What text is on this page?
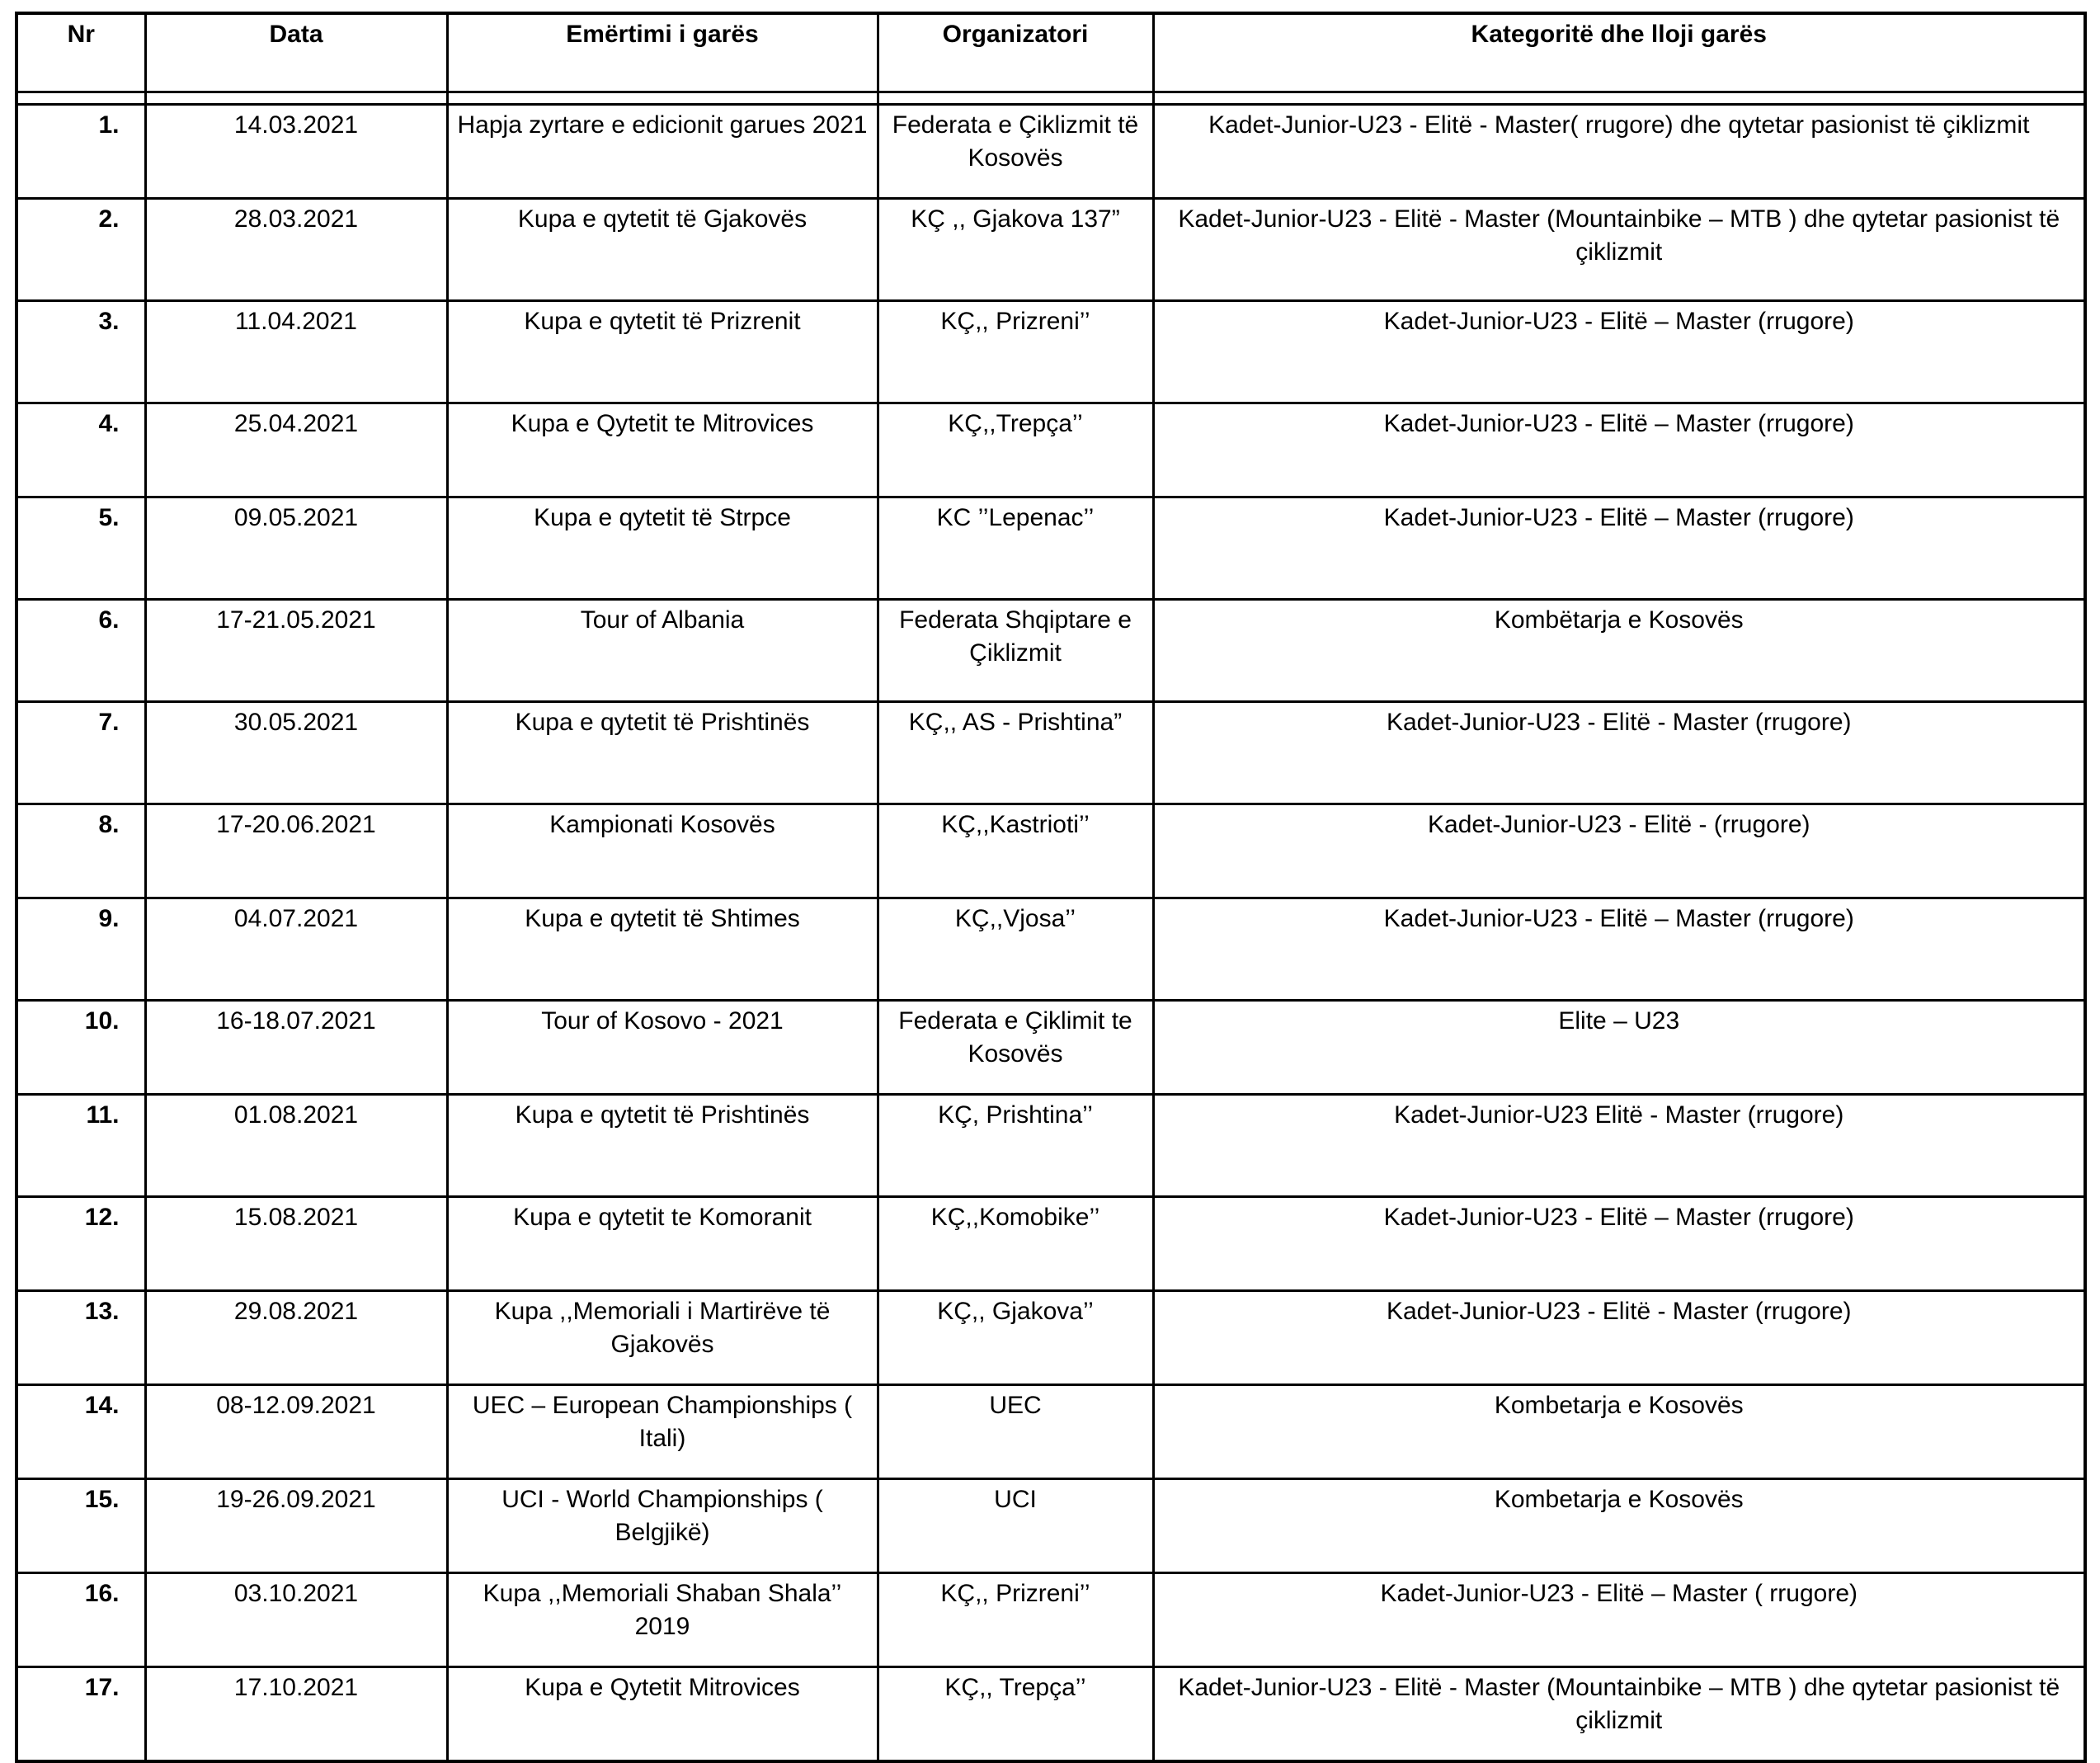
Nr	Data	Emërtimi i garës	Organizatori	Kategoritë dhe lloji garës

1.	14.03.2021	Hapja zyrtare e edicionit garues 2021	Federata e Çiklizmit të Kosovës	Kadet-Junior-U23 - Elitë - Master( rrugore) dhe qytetar pasionist të çiklizmit
2.	28.03.2021	Kupa e qytetit të Gjakovës	KÇ ,, Gjakova 137”	Kadet-Junior-U23 - Elitë - Master (Mountainbike – MTB ) dhe qytetar pasionist të çiklizmit
3.	11.04.2021	Kupa e qytetit të Prizrenit	KÇ,, Prizreni’’	Kadet-Junior-U23 - Elitë – Master (rrugore)
4.	25.04.2021	Kupa e Qytetit te Mitrovices	KÇ,,Trepça’’	Kadet-Junior-U23 - Elitë – Master (rrugore)
5.	09.05.2021	Kupa e qytetit të Strpce	KC ’’Lepenac’’	Kadet-Junior-U23 - Elitë – Master (rrugore)
6.	17-21.05.2021	Tour of Albania	Federata Shqiptare e Çiklizmit	Kombëtarja e Kosovës
7.	30.05.2021	Kupa e qytetit të Prishtinës	KÇ,, AS - Prishtina”	Kadet-Junior-U23 - Elitë - Master (rrugore)
8.	17-20.06.2021	Kampionati Kosovës	KÇ,,Kastrioti’’	Kadet-Junior-U23 - Elitë - (rrugore)
9.	04.07.2021	Kupa e qytetit të Shtimes	KÇ,,Vjosa’’	Kadet-Junior-U23 - Elitë – Master (rrugore)
10.	16-18.07.2021	Tour of Kosovo - 2021	Federata e Çiklimit te Kosovës	Elite – U23
11.	01.08.2021	Kupa e qytetit të Prishtinës	KÇ, Prishtina’’	Kadet-Junior-U23 Elitë - Master (rrugore)
12.	15.08.2021	Kupa e qytetit te Komoranit	KÇ,,Komobike’’	Kadet-Junior-U23 - Elitë – Master (rrugore)
13.	29.08.2021	Kupa ,,Memoriali i Martirëve të Gjakovës	KÇ,, Gjakova’’	Kadet-Junior-U23 - Elitë - Master (rrugore)
14.	08-12.09.2021	UEC – European Championships ( Itali)	UEC	Kombetarja e Kosovës
15.	19-26.09.2021	UCI - World Championships ( Belgjikë)	UCI	Kombetarja e Kosovës
16.	03.10.2021	Kupa ,,Memoriali Shaban Shala’’ 2019	KÇ,, Prizreni’’	Kadet-Junior-U23 - Elitë – Master ( rrugore)
17.	17.10.2021	Kupa e Qytetit Mitrovices	KÇ,, Trepça’’	Kadet-Junior-U23 - Elitë - Master (Mountainbike – MTB ) dhe qytetar pasionist të çiklizmit
